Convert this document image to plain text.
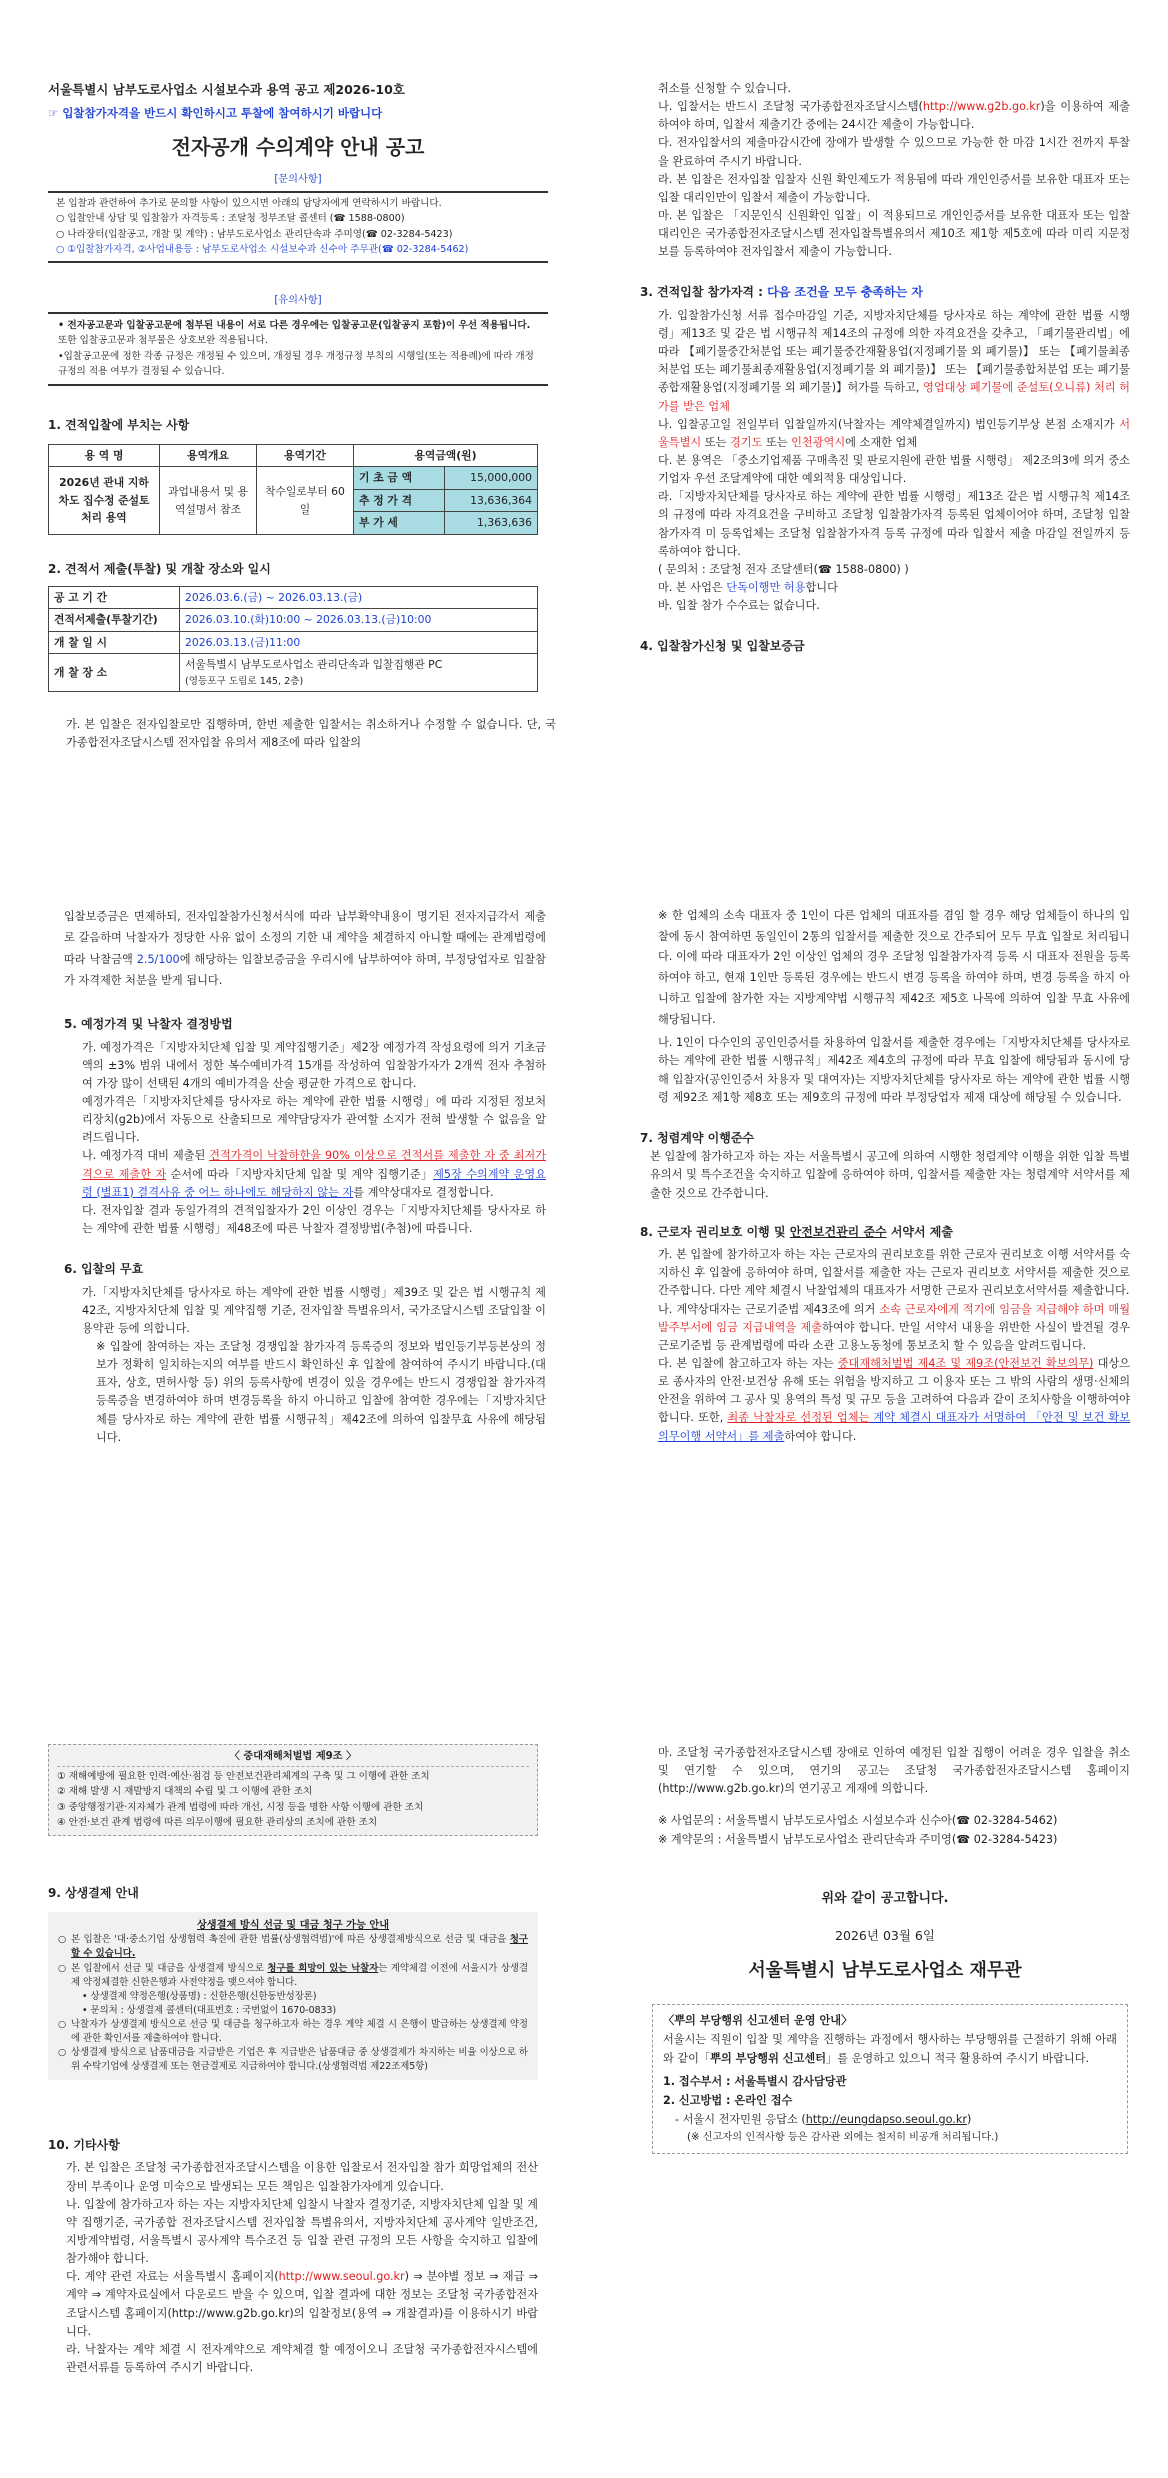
서울특별시 남부도로사업소 시설보수과 용역 공고 제2026-10호
☞ 입찰참가자격을 반드시 확인하시고 투찰에 참여하시기 바랍니다
전자공개 수의계약 안내 공고
[문의사항]
본 입찰과 관련하여 추가로 문의할 사항이 있으시면 아래의 담당자에게 연락하시기 바랍니다.
○ 입찰안내 상담 및 입찰참가 자격등록 : 조달청 정부조달 콜센터 (☎ 1588-0800)
○ 나라장터(입찰공고, 개찰 및 계약) : 남부도로사업소 관리단속과 주미영(☎ 02-3284-5423)
○ ①입찰참가자격, ②사업내용등 : 남부도로사업소 시설보수과 신수아 주무관(☎ 02-3284-5462)
[유의사항]
• 전자공고문과 입찰공고문에 첨부된 내용이 서로 다른 경우에는 입찰공고문(입찰공지 포함)이 우선 적용됩니다. 또한 입찰공고문과 첨부물은 상호보완 적용됩니다.
•입찰공고문에 정한 각종 규정은 개정될 수 있으며, 개정될 경우 개정규정 부칙의 시행일(또는 적용례)에 따라 개정 규정의 적용 여부가 결정될 수 있습니다.
1. 견적입찰에 부치는 사항
용 역 명	용역개요	용역기간	용역금액(원)	
2026년 관내 지하차도 집수정 준설토 처리 용역	과업내용서 및 용역설명서 참조	착수일로부터 60일	기 초 금 액	15,000,000
			추 정 가 격	13,636,364
			부 가 세	1,363,636
2. 견적서 제출(투찰) 및 개찰 장소와 일시
공 고 기 간	2026.03.6.(금) ~ 2026.03.13.(금)
견적서제출(투찰기간)	2026.03.10.(화)10:00 ~ 2026.03.13.(금)10:00
개 찰 일 시	2026.03.13.(금)11:00
개 찰 장 소	서울특별시 남부도로사업소 관리단속과 입찰집행관 PC
(영등포구 도림로 145, 2층)
가. 본 입찰은 전자입찰로만 집행하며, 한번 제출한 입찰서는 취소하거나 수정할 수 없습니다. 단, 국가종합전자조달시스템 전자입찰 유의서 제8조에 따라 입찰의
취소를 신청할 수 있습니다.
나. 입찰서는 반드시 조달청 국가종합전자조달시스템(http://www.g2b.go.kr)을 이용하여 제출하여야 하며, 입찰서 제출기간 중에는 24시간 제출이 가능합니다.
다. 전자입찰서의 제출마감시간에 장애가 발생할 수 있으므로 가능한 한 마감 1시간 전까지 투찰을 완료하여 주시기 바랍니다.
라. 본 입찰은 전자입찰 입찰자 신원 확인제도가 적용됨에 따라 개인인증서를 보유한 대표자 또는 입찰 대리인만이 입찰서 제출이 가능합니다.
마. 본 입찰은 「지문인식 신원확인 입찰」이 적용되므로 개인인증서를 보유한 대표자 또는 입찰대리인은 국가종합전자조달시스템 전자입찰특별유의서 제10조 제1항 제5호에 따라 미리 지문정보를 등록하여야 전자입찰서 제출이 가능합니다.
3. 견적입찰 참가자격 : 다음 조건을 모두 충족하는 자
가. 입찰참가신청 서류 접수마감일 기준, 지방자치단체를 당사자로 하는 계약에 관한 법률 시행령」제13조 및 같은 법 시행규칙 제14조의 규정에 의한 자격요건을 갖추고, 「폐기물관리법」에 따라 【폐기물중간처분업 또는 폐기물중간재활용업(지정폐기물 외 폐기물)】 또는 【폐기물최종처분업 또는 폐기물최종재활용업(지정폐기물 외 폐기물)】 또는 【폐기물종합처분업 또는 폐기물종합재활용업(지정폐기물 외 폐기물)】허가를 득하고, 영업대상 폐기물에 준설토(오니류) 처리 허가를 받은 업체
나. 입찰공고일 전일부터 입찰일까지(낙찰자는 계약체결일까지) 법인등기부상 본점 소재지가 서울특별시 또는 경기도 또는 인천광역시에 소재한 업체
다. 본 용역은 「중소기업제품 구매촉진 및 판로지원에 관한 법률 시행령」 제2조의3에 의거 중소기업자 우선 조달계약에 대한 예외적용 대상입니다.
라.「지방자치단체를 당사자로 하는 계약에 관한 법률 시행령」제13조 같은 법 시행규칙 제14조의 규정에 따라 자격요건을 구비하고 조달청 입찰참가자격 등록된 업체이어야 하며, 조달청 입찰참가자격 미 등록업체는 조달청 입찰참가자격 등록 규정에 따라 입찰서 제출 마감일 전일까지 등록하여야 합니다.
( 문의처 : 조달청 전자 조달센터(☎ 1588-0800) )
마. 본 사업은 단독이행만 허용합니다
바. 입찰 참가 수수료는 없습니다.
4. 입찰참가신청 및 입찰보증금
입찰보증금은 면제하되, 전자입찰참가신청서식에 따라 납부확약내용이 명기된 전자지급각서 제출로 갈음하며 낙찰자가 정당한 사유 없이 소정의 기한 내 계약을 체결하지 아니할 때에는 관계법령에 따라 낙찰금액 2.5/100에 해당하는 입찰보증금을 우리시에 납부하여야 하며, 부정당업자로 입찰참가 자격제한 처분을 받게 됩니다.
5. 예정가격 및 낙찰자 결정방법
가. 예정가격은「지방자치단체 입찰 및 계약집행기준」제2장 예정가격 작성요령에 의거 기초금액의 ±3% 범위 내에서 정한 복수예비가격 15개를 작성하여 입찰참가자가 2개씩 전자 추첨하여 가장 많이 선택된 4개의 예비가격을 산술 평균한 가격으로 합니다.
예정가격은「지방자치단체를 당사자로 하는 계약에 관한 법률 시행령」에 따라 지정된 정보처리장치(g2b)에서 자동으로 산출되므로 계약담당자가 관여할 소지가 전혀 발생할 수 없음을 알려드립니다.
나. 예정가격 대비 제출된 견적가격이 낙찰하한율 90% 이상으로 견적서를 제출한 자 중 최저가격으로 제출한 자 순서에 따라「지방자치단체 입찰 및 계약 집행기준」제5장 수의계약 운영요령 (별표1) 결격사유 중 어느 하나에도 해당하지 않는 자를 계약상대자로 결정합니다.
다. 전자입찰 결과 동일가격의 견적입찰자가 2인 이상인 경우는「지방자치단체를 당사자로 하는 계약에 관한 법률 시행령」제48조에 따른 낙찰자 결정방법(추첨)에 따릅니다.
6. 입찰의 무효
가.「지방자치단체를 당사자로 하는 계약에 관한 법률 시행령」제39조 및 같은 법 시행규칙 제42조, 지방자치단체 입찰 및 계약집행 기준, 전자입찰 특별유의서, 국가조달시스템 조달입찰 이용약관 등에 의합니다.
※ 입찰에 참여하는 자는 조달청 경쟁입찰 참가자격 등록증의 정보와 법인등기부등본상의 정보가 정확히 일치하는지의 여부를 반드시 확인하신 후 입찰에 참여하여 주시기 바랍니다.(대표자, 상호, 면허사항 등) 위의 등록사항에 변경이 있을 경우에는 반드시 경쟁입찰 참가자격 등록증을 변경하여야 하며 변경등록을 하지 아니하고 입찰에 참여한 경우에는「지방자치단체를 당사자로 하는 계약에 관한 법률 시행규칙」제42조에 의하여 입찰무효 사유에 해당됩니다.
※ 한 업체의 소속 대표자 중 1인이 다른 업체의 대표자를 겸임 할 경우 해당 업체들이 하나의 입찰에 동시 참여하면 동일인이 2통의 입찰서를 제출한 것으로 간주되어 모두 무효 입찰로 처리됩니다. 이에 따라 대표자가 2인 이상인 업체의 경우 조달청 입찰참가자격 등록 시 대표자 전원을 등록하여야 하고, 현재 1인만 등록된 경우에는 반드시 변경 등록을 하여야 하며, 변경 등록을 하지 아니하고 입찰에 참가한 자는 지방계약법 시행규칙 제42조 제5호 나목에 의하여 입찰 무효 사유에 해당됩니다.
나. 1인이 다수인의 공인인증서를 차용하여 입찰서를 제출한 경우에는「지방자치단체를 당사자로 하는 계약에 관한 법률 시행규칙」제42조 제4호의 규정에 따라 무효 입찰에 해당됨과 동시에 당해 입찰자(공인인증서 차용자 및 대여자)는 지방자치단체를 당사자로 하는 계약에 관한 법률 시행령 제92조 제1항 제8호 또는 제9호의 규정에 따라 부정당업자 제재 대상에 해당될 수 있습니다.
7. 청렴계약 이행준수
본 입찰에 참가하고자 하는 자는 서울특별시 공고에 의하여 시행한 청렴계약 이행을 위한 입찰 특별유의서 및 특수조건을 숙지하고 입찰에 응하여야 하며, 입찰서를 제출한 자는 청렴계약 서약서를 제출한 것으로 간주합니다.
8. 근로자 권리보호 이행 및 안전보건관리 준수 서약서 제출
가. 본 입찰에 참가하고자 하는 자는 근로자의 권리보호를 위한 근로자 권리보호 이행 서약서를 숙지하신 후 입찰에 응하여야 하며, 입찰서를 제출한 자는 근로자 권리보호 서약서를 제출한 것으로 간주합니다. 다만 계약 체결시 낙찰업체의 대표자가 서명한 근로자 권리보호서약서를 제출합니다.
나. 계약상대자는 근로기준법 제43조에 의거 소속 근로자에게 적기에 임금을 지급해야 하며 매월 발주부서에 임금 지급내역을 제출하여야 합니다. 만일 서약서 내용을 위반한 사실이 발견될 경우 근로기준법 등 관계법령에 따라 소관 고용노동청에 통보조치 할 수 있음을 알려드립니다.
다. 본 입찰에 참고하고자 하는 자는 중대재해처벌법 제4조 및 제9조(안전보건 확보의무) 대상으로 종사자의 안전·보건상 유해 또는 위험을 방지하고 그 이용자 또는 그 밖의 사람의 생명·신체의 안전을 위하여 그 공사 및 용역의 특성 및 규모 등을 고려하여 다음과 같이 조치사항을 이행하여야 합니다. 또한, 최종 낙찰자로 선정된 업체는 계약 체결시 대표자가 서명하여 「안전 및 보건 확보 의무이행 서약서」를 제출하여야 합니다.
〈 중대재해처벌법 제9조 〉
① 재해예방에 필요한 인력·예산·점검 등 안전보건관리체계의 구축 및 그 이행에 관한 조치
② 재해 발생 시 재발방지 대책의 수립 및 그 이행에 관한 조치
③ 중앙행정기관·지자체가 관계 법령에 따라 개선, 시정 등을 명한 사항 이행에 관한 조치
④ 안전·보건 관계 법령에 따른 의무이행에 필요한 관리상의 조치에 관한 조치
9. 상생결제 안내
상생결제 방식 선금 및 대금 청구 가능 안내
○ 본 입찰은 '대·중소기업 상생협력 촉진에 관한 법률(상생협력법)'에 따른 상생결제방식으로 선금 및 대금을 청구할 수 있습니다.
○ 본 입찰에서 선금 및 대금을 상생결제 방식으로 청구를 희망이 있는 낙찰자는 계약체결 이전에 서울시가 상생결제 약정체결한 신한은행과 사전약정을 맺으셔야 합니다.
• 상생결제 약정은행(상품명) : 신한은행(신한동반성장론)
• 문의처 : 상생결제 콜센터(대표번호 : 국번없이 1670-0833)
○ 낙찰자가 상생결제 방식으로 선금 및 대금을 청구하고자 하는 경우 계약 체결 시 은행이 발급하는 상생결제 약정에 관한 확인서를 제출하여야 합니다.
○ 상생결제 방식으로 납품대금을 지급받은 기업은 후 지급받은 납품대금 중 상생결제가 차지하는 비율 이상으로 하위 수탁기업에 상생결제 또는 현금결제로 지급하여야 합니다.(상생협력법 제22조제5항)
10. 기타사항
가. 본 입찰은 조달청 국가종합전자조달시스템을 이용한 입찰로서 전자입찰 참가 희망업체의 전산장비 부족이나 운영 미숙으로 발생되는 모든 책임은 입찰참가자에게 있습니다.
나. 입찰에 참가하고자 하는 자는 지방자치단체 입찰시 낙찰자 결정기준, 지방자치단체 입찰 및 계약 집행기준, 국가종합 전자조달시스템 전자입찰 특별유의서, 지방자치단체 공사계약 일반조건, 지방계약법령, 서울특별시 공사계약 특수조건 등 입찰 관련 규정의 모든 사항을 숙지하고 입찰에 참가해야 합니다.
다. 계약 관련 자료는 서울특별시 홈페이지(http://www.seoul.go.kr) ⇒ 분야별 정보 ⇒ 재급 ⇒ 계약 ⇒ 계약자료실에서 다운로드 받을 수 있으며, 입찰 결과에 대한 정보는 조달청 국가종합전자조달시스템 홈페이지(http://www.g2b.go.kr)의 입찰정보(용역 ⇒ 개찰결과)를 이용하시기 바랍니다.
라. 낙찰자는 계약 체결 시 전자계약으로 계약체결 할 예정이오니 조달청 국가종합전자시스템에 관련서류를 등록하여 주시기 바랍니다.
마. 조달청 국가종합전자조달시스템 장애로 인하여 예정된 입찰 집행이 어려운 경우 입찰을 취소 및 연기할 수 있으며, 연기의 공고는 조달청 국가종합전자조달시스템 홈페이지(http://www.g2b.go.kr)의 연기공고 게재에 의합니다.
※ 사업문의 : 서울특별시 남부도로사업소 시설보수과 신수아(☎ 02-3284-5462)
※ 계약문의 : 서울특별시 남부도로사업소 관리단속과 주미영(☎ 02-3284-5423)
위와 같이 공고합니다.
2026년 03월 6일
서울특별시 남부도로사업소 재무관
〈뿌의 부당행위 신고센터 운영 안내〉
서울시는 직원이 입찰 및 계약을 진행하는 과정에서 행사하는 부당행위를 근절하기 위해 아래와 같이「뿌의 부당행위 신고센터」를 운영하고 있으니 적극 활용하여 주시기 바랍니다.
1. 접수부서 : 서울특별시 감사담당관
2. 신고방법 : 온라인 접수
- 서울시 전자민원 응답소 (http://eungdapso.seoul.go.kr)
(※ 신고자의 인적사항 등은 감사관 외에는 철저히 비공개 처리됩니다.)
